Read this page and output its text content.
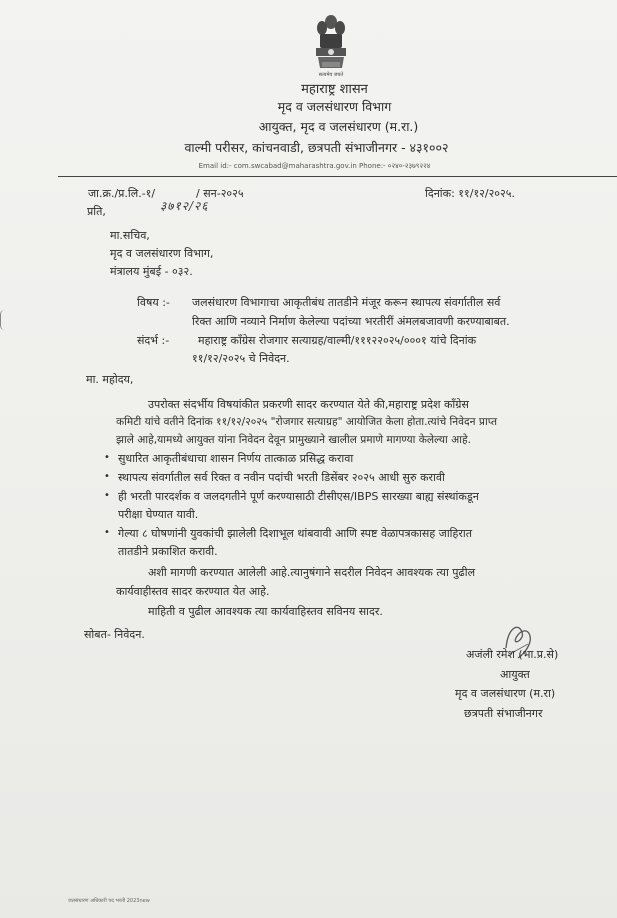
सत्यमेव जयते
महाराष्ट्र शासन
मृद व जलसंधारण विभाग
आयुक्त, मृद व जलसंधारण (म.रा.)
वाल्मी परीसर, कांचनवाडी, छत्रपती संभाजीनगर - ४३१००२
Email id:- com.swcabad@maharashtra.gov.in Phone:- ०२४०-२३७९२२४
जा.क्र./प्र.लि.-१/	/ सन-२०२५
३७१२/२६
दिनांक: ११/१२/२०२५.
प्रति,
मा.सचिव,
मृद व जलसंधारण विभाग,
मंत्रालय मुंबई - ०३२.
विषय :- जलसंधारण विभागाचा आकृतीबंध तातडीने मंजूर करून स्थापत्य संवर्गातील सर्व
रिक्त आणि नव्याने निर्माण केलेल्या पदांच्या भरतीरीं अंमलबजावणी करण्याबाबत.
संदर्भ :-	महाराष्ट्र कॉंग्रेस रोजगार सत्याग्रह/वाल्मी/१११२२०२५/०००१ यांचे दिनांक
११/१२/२०२५ चे निवेदन.
मा. महोदय,
उपरोक्त संदर्भीय विषयांकीत प्रकरणी सादर करण्यात येते की,महाराष्ट्र प्रदेश कॉंग्रेस
कमिटी यांचे वतीने दिनांक ११/१२/२०२५ "रोजगार सत्याग्रह" आयोजित केला होता.त्यांचे निवेदन प्राप्त
झाले आहे,यामध्ये आयुक्त यांना निवेदन देवून प्रामुख्याने खालील प्रमाणे मागण्या केलेल्या आहे.
• सुधारित आकृतीबंधाचा शासन निर्णय तात्काळ प्रसिद्ध करावा
• स्थापत्य संवर्गातील सर्व रिक्त व नवीन पदांची भरती डिसेंबर २०२५ आधी सुरु करावी
• ही भरती पारदर्शक व जलदगतीने पूर्ण करण्यासाठी टीसीएस/IBPS सारख्या बाह्य संस्थांकडून
परीक्षा घेण्यात यावी.
• गेल्या ८ घोषणांनी युवकांची झालेली दिशाभूल थांबवावी आणि स्पष्ट वेळापत्रकासह जाहिरात
तातडीने प्रकाशित करावी.
अशी मागणी करण्यात आलेली आहे.त्यानुषंगाने सदरील निवेदन आवश्यक त्या पुढील
कार्यवाहीस्तव सादर करण्यात येत आहे.
माहिती व पुढील आवश्यक त्या कार्यवाहिस्तव सविनय सादर.
सोबत- निवेदन.
अजंली रमेश (भा.प्र.से)
आयुक्त
मृद व जलसंधारण (म.रा)
छत्रपती संभाजीनगर
जलसंधारण अधिकारी पद भरती 2023new
